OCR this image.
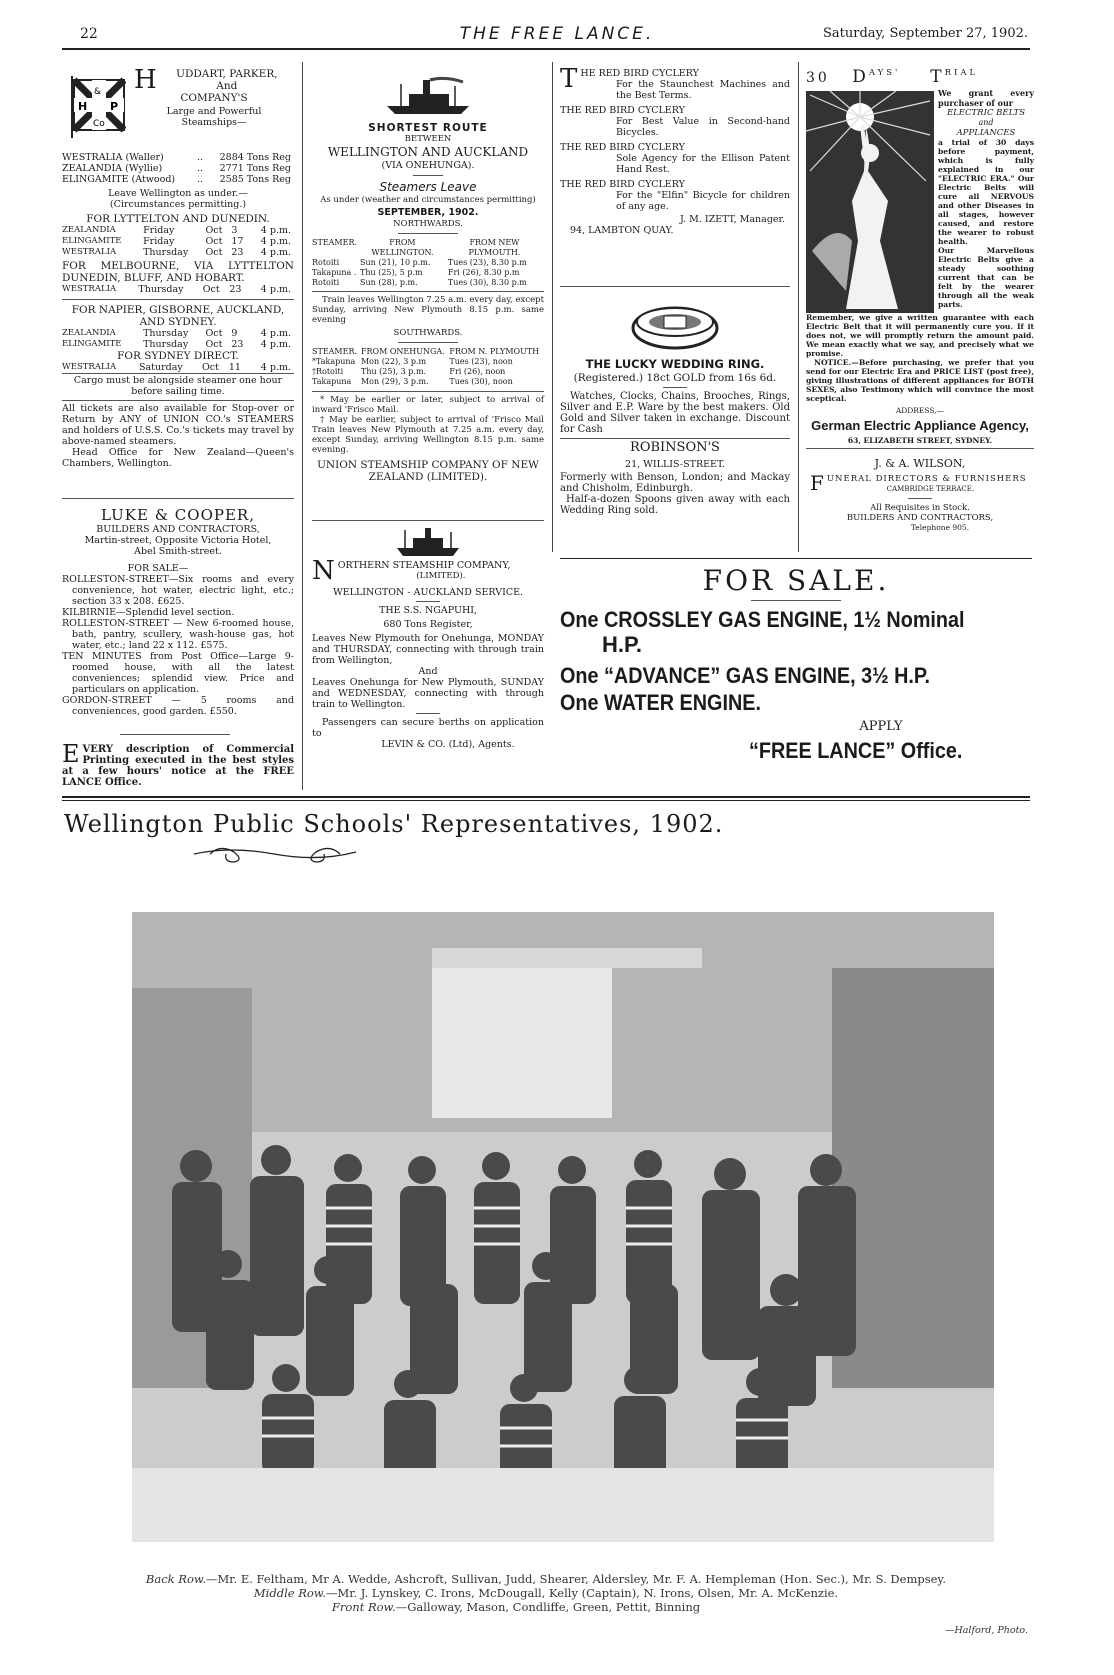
22	THE FREE LANCE.	Saturday, September 27, 1902.
H
&
P
Co
H UDDART, PARKER,
And
COMPANY'S
Large and Powerful
Steamships—
WESTRALIA (Waller)	..	2884 Tons Reg
ZEALANDIA (Wyllie)	..	2771 Tons Reg
ELINGAMITE (Atwood)	..	2585 Tons Reg
Leave Wellington as under.—
(Circumstances permitting.)
FOR LYTTELTON AND DUNEDIN.
ZEALANDIA	Friday	Oct	3	4 p.m.
ELINGAMITE	Friday	Oct	17	4 p.m.
WESTRALIA	Thursday	Oct	23	4 p.m.
FOR MELBOURNE, VIA LYTTELTON DUNEDIN, BLUFF, AND HOBART.
WESTRALIA	Thursday	Oct	23	4 p.m.
FOR NAPIER, GISBORNE, AUCKLAND, AND SYDNEY.
ZEALANDIA	Thursday	Oct	9	4 p.m.
ELINGAMITE	Thursday	Oct	23	4 p.m.
FOR SYDNEY DIRECT.
WESTRALIA	Saturday	Oct	11	4 p.m.
Cargo must be alongside steamer one hour before sailing time.
All tickets are also available for Stop-over or Return by ANY of UNION CO.'s STEAMERS and holders of U.S.S. Co.'s tickets may travel by above-named steamers.
Head Office for New Zealand—Queen's Chambers, Wellington.
LUKE & COOPER,
BUILDERS AND CONTRACTORS,
Martin-street, Opposite Victoria Hotel,
Abel Smith-street.
FOR SALE—
ROLLESTON-STREET—Six rooms and every convenience, hot water, electric light, etc.; section 33 x 208. £625.
KILBIRNIE—Splendid level section.
ROLLESTON-STREET — New 6-roomed house, bath, pantry, scullery, wash-house gas, hot water, etc.; land 22 x 112. £575.
TEN MINUTES from Post Office—Large 9-roomed house, with all the latest conveniences; splendid view. Price and particulars on application.
GORDON-STREET — 5 rooms and conveniences, good garden. £550.
EVERY description of Commercial Printing executed in the best styles at a few hours' notice at the FREE LANCE Office.
SHORTEST ROUTE
BETWEEN
WELLINGTON AND AUCKLAND
(VIA ONEHUNGA).
Steamers Leave
As under (weather and circumstances permitting)
SEPTEMBER, 1902.
NORTHWARDS.
STEAMER.	FROM WELLINGTON.	FROM NEW PLYMOUTH.
Rotoiti	Sun (21), 10 p.m.	Tues (23), 8.30 p.m
Takapuna .	Thu (25), 5 p.m	Fri (26), 8.30 p.m
Rotoiti	Sun (28), p.m.	Tues (30), 8.30 p.m
Train leaves Wellington 7.25 a.m. every day, except Sunday, arriving New Plymouth 8.15 p.m. same evening
SOUTHWARDS.
STEAMER.	FROM ONEHUNGA.	FROM N. PLYMOUTH
*Takapuna	Mon (22), 3 p.m	Tues (23), noon
†Rotoiti	Thu (25), 3 p.m.	Fri (26), noon
Takapuna	Mon (29), 3 p.m.	Tues (30), noon
* May be earlier or later, subject to arrival of inward 'Frisco Mail.
† May be earlier, subject to arrival of 'Frisco Mail Train leaves New Plymouth at 7.25 a.m. every day, except Sunday, arriving Wellington 8.15 p.m. same evening.
UNION STEAMSHIP COMPANY OF NEW ZEALAND (LIMITED).
NORTHERN STEAMSHIP COMPANY,
(LIMITED).
WELLINGTON - AUCKLAND SERVICE.
THE S.S. NGAPUHI,
680 Tons Register,
Leaves New Plymouth for Onehunga, MONDAY and THURSDAY, connecting with through train from Wellington,
And
Leaves Onehunga for New Plymouth, SUNDAY and WEDNESDAY, connecting with through train to Wellington.
Passengers can secure berths on application to
LEVIN & CO. (Ltd), Agents.
THE RED BIRD CYCLERY
For the Staunchest Machines and the Best Terms.
THE RED BIRD CYCLERY
For Best Value in Second-hand Bicycles.
THE RED BIRD CYCLERY
Sole Agency for the Ellison Patent Hand Rest.
THE RED BIRD CYCLERY
For the "Elfin" Bicycle for children of any age.
J. M. IZETT, Manager.
94, LAMBTON QUAY.
THE LUCKY WEDDING RING.
(Registered.) 18ct GOLD from 16s 6d.
Watches, Clocks, Chains, Brooches, Rings, Silver and E.P. Ware by the best makers. Old Gold and Silver taken in exchange. Discount for Cash
ROBINSON'S
21, WILLIS-STREET.
Formerly with Benson, London; and Mackay and Chisholm, Edinburgh.
Half-a-dozen Spoons given away with each Wedding Ring sold.
30 $D^{AYS'}$ $T^{RIAL}$
We grant every purchaser of our
ELECTRIC BELTS
and
APPLIANCES
a trial of 30 days before payment, which is fully explained in our "ELECTRIC ERA." Our Electric Belts will cure all NERVOUS and other Diseases in all stages, however caused, and restore the wearer to robust health.
Our Marvellous Electric Belts give a steady soothing current that can be felt by the wearer through all the weak parts.
Remember, we give a written guarantee with each Electric Belt that it will permanently cure you. If it does not, we will promptly return the amount paid. We mean exactly what we say, and precisely what we promise.
NOTICE.—Before purchasing, we prefer that you send for our Electric Era and PRICE LIST (post free), giving illustrations of different appliances for BOTH SEXES, also Testimony which will convince the most sceptical.
ADDRESS,—
German Electric Appliance Agency,
63, ELIZABETH STREET, SYDNEY.
J. & A. WILSON,
FUNERAL DIRECTORS & FURNISHERS
CAMBRIDGE TERRACE.
All Requisites in Stock.
BUILDERS AND CONTRACTORS,
Telephone 905.
FOR SALE.
One CROSSLEY GAS ENGINE, 1½ Nominal
H.P.
One “ADVANCE” GAS ENGINE, 3½ H.P.
One WATER ENGINE.
APPLY
“FREE LANCE” Office.
Wellington Public Schools' Representatives, 1902.
Back Row.—Mr. E. Feltham, Mr A. Wedde, Ashcroft, Sullivan, Judd, Shearer, Aldersley, Mr. F. A. Hempleman (Hon. Sec.), Mr. S. Dempsey.
Middle Row.—Mr. J. Lynskey, C. Irons, McDougall, Kelly (Captain), N. Irons, Olsen, Mr. A. McKenzie.
Front Row.—Galloway, Mason, Condliffe, Green, Pettit, Binning
—Halford, Photo.
